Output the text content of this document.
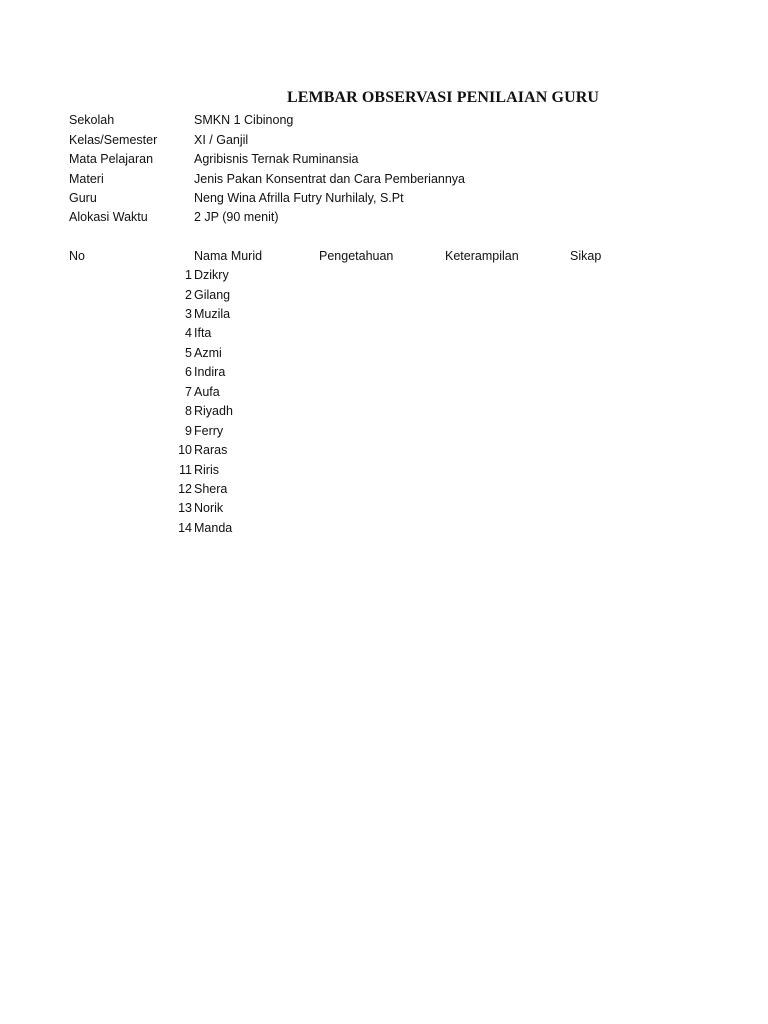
LEMBAR OBSERVASI PENILAIAN GURU
Sekolah	SMKN 1 Cibinong
Kelas/Semester	XI / Ganjil
Mata Pelajaran	Agribisnis Ternak Ruminansia
Materi	Jenis Pakan Konsentrat dan Cara Pemberiannya
Guru	Neng Wina Afrilla Futry Nurhilaly, S.Pt
Alokasi Waktu	2 JP (90 menit)
No	Nama Murid	Pengetahuan	Keterampilan	Sikap
1 Dzikry
2 Gilang
3 Muzila
4 Ifta
5 Azmi
6 Indira
7 Aufa
8 Riyadh
9 Ferry
10 Raras
11 Riris
12 Shera
13 Norik
14 Manda
